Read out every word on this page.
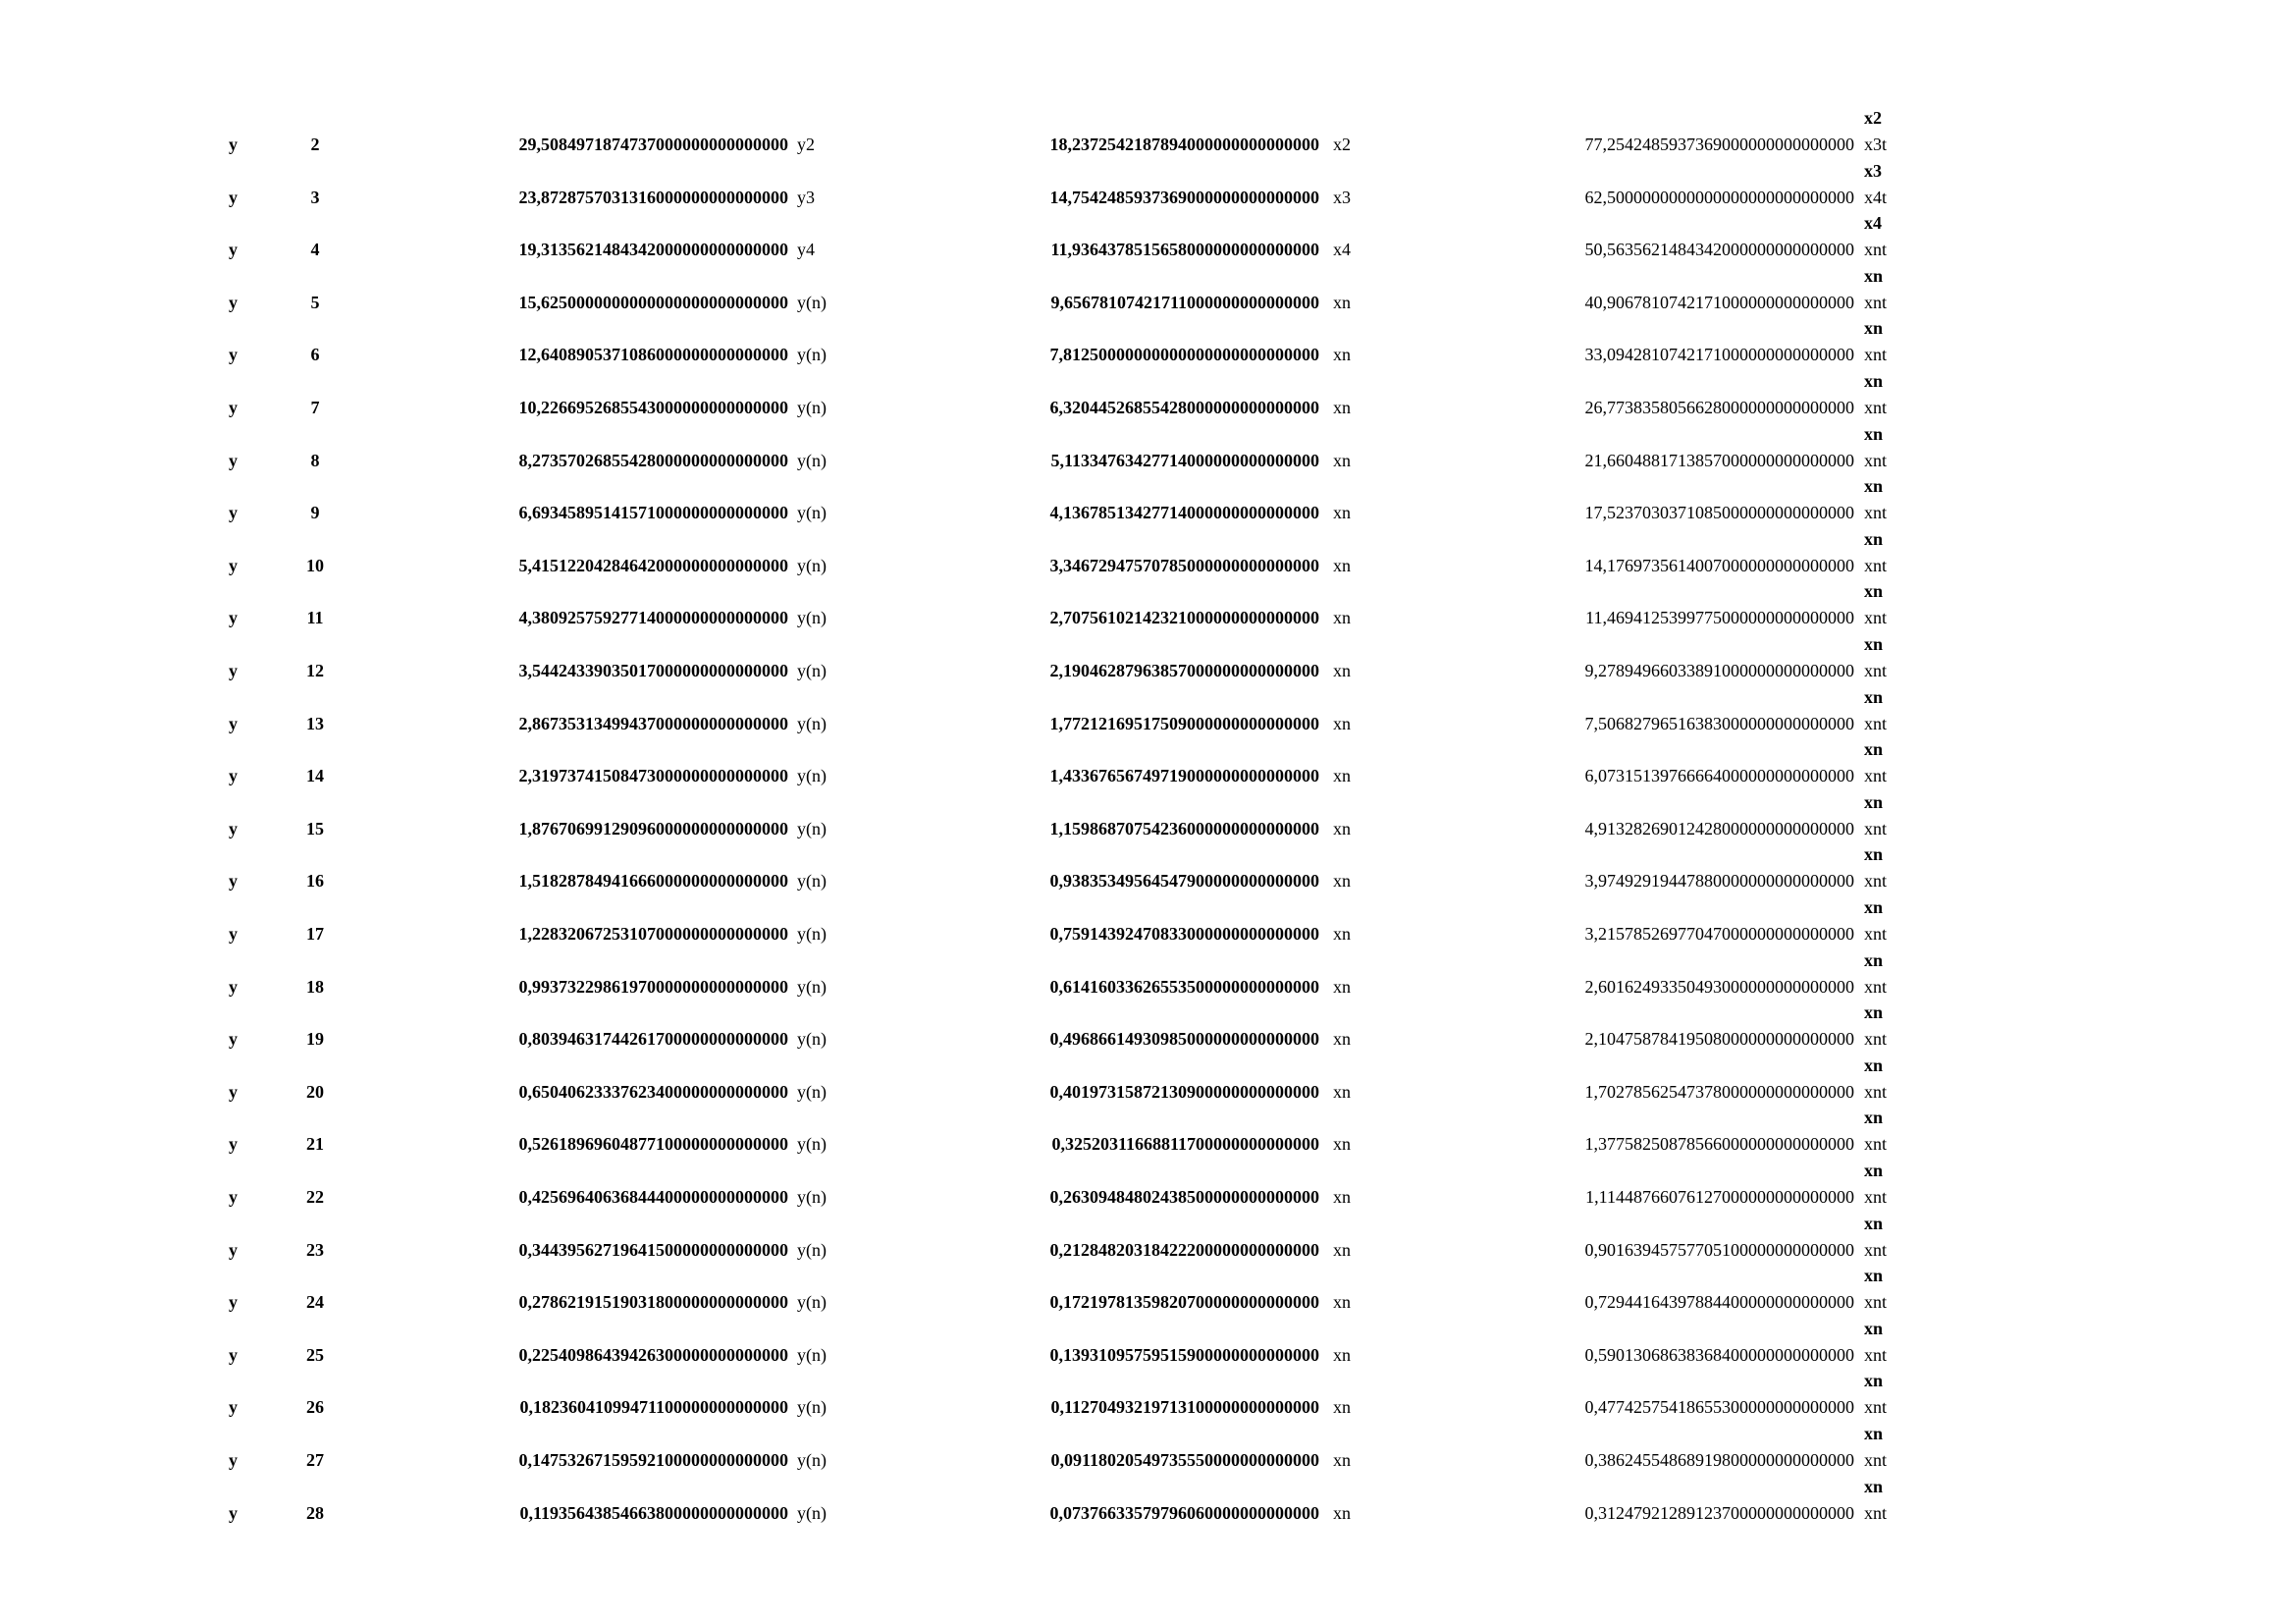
y	2	29,5084971874737000000000000000 y2	18,2372542187894000000000000000 x2	77,2542485937369000000000000000 x3t
x2
y	3	23,8728757031316000000000000000 y3	14,7542485937369000000000000000 x3	62,5000000000000000000000000000 x4t
x3
y	4	19,3135621484342000000000000000 y4	11,9364378515658000000000000000 x4	50,5635621484342000000000000000 xnt
x4
y	5	15,6250000000000000000000000000 y(n)	9,65678107421711000000000000000 xn	40,9067810742171000000000000000 xnt
xn
y	6	12,6408905371086000000000000000 y(n)	7,81250000000000000000000000000 xn	33,0942810742171000000000000000 xnt
xn
y	7	10,2266952685543000000000000000 y(n)	6,32044526855428000000000000000 xn	26,7738358056628000000000000000 xnt
xn
y	8	8,27357026855428000000000000000 y(n)	5,11334763427714000000000000000 xn	21,6604881713857000000000000000 xnt
xn
y	9	6,69345895141571000000000000000 y(n)	4,13678513427714000000000000000 xn	17,5237030371085000000000000000 xnt
xn
y	10	5,41512204284642000000000000000 y(n)	3,34672947570785000000000000000 xn	14,1769735614007000000000000000 xnt
xn
y	11	4,38092575927714000000000000000 y(n)	2,70756102142321000000000000000 xn	11,4694125399775000000000000000 xnt
xn
y	12	3,54424339035017000000000000000 y(n)	2,19046287963857000000000000000 xn	9,27894966033891000000000000000 xnt
xn
y	13	2,86735313499437000000000000000 y(n)	1,77212169517509000000000000000 xn	7,50682796516383000000000000000 xnt
xn
y	14	2,31973741508473000000000000000 y(n)	1,43367656749719000000000000000 xn	6,07315139766664000000000000000 xnt
xn
y	15	1,87670699129096000000000000000 y(n)	1,15986870754236000000000000000 xn	4,91328269012428000000000000000 xnt
xn
y	16	1,51828784941666000000000000000 y(n)	0,93835349564547900000000000000 xn	3,97492919447880000000000000000 xnt
xn
y	17	1,22832067253107000000000000000 y(n)	0,75914392470833000000000000000 xn	3,21578526977047000000000000000 xnt
xn
y	18	0,99373229861970000000000000000 y(n)	0,61416033626553500000000000000 xn	2,60162493350493000000000000000 xnt
xn
y	19	0,80394631744261700000000000000 y(n)	0,49686614930985000000000000000 xn	2,10475878419508000000000000000 xnt
xn
y	20	0,65040623337623400000000000000 y(n)	0,40197315872130900000000000000 xn	1,70278562547378000000000000000 xnt
xn
y	21	0,52618969604877100000000000000 y(n)	0,32520311668811700000000000000 xn	1,37758250878566000000000000000 xnt
xn
y	22	0,42569640636844400000000000000 y(n)	0,26309484802438500000000000000 xn	1,11448766076127000000000000000 xnt
xn
y	23	0,34439562719641500000000000000 y(n)	0,21284820318422200000000000000 xn	0,90163945757705100000000000000 xnt
xn
y	24	0,27862191519031800000000000000 y(n)	0,17219781359820700000000000000 xn	0,72944164397884400000000000000 xnt
xn
y	25	0,22540986439426300000000000000 y(n)	0,13931095759515900000000000000 xn	0,59013068638368400000000000000 xnt
xn
y	26	0,18236041099471100000000000000 y(n)	0,11270493219713100000000000000 xn	0,47742575418655300000000000000 xnt
xn
y	27	0,14753267159592100000000000000 y(n)	0,09118020549735550000000000000 xn	0,38624554868919800000000000000 xnt
xn
y	28	0,11935643854663800000000000000 y(n)	0,07376633579796060000000000000 xn	0,31247921289123700000000000000 xnt
xn
